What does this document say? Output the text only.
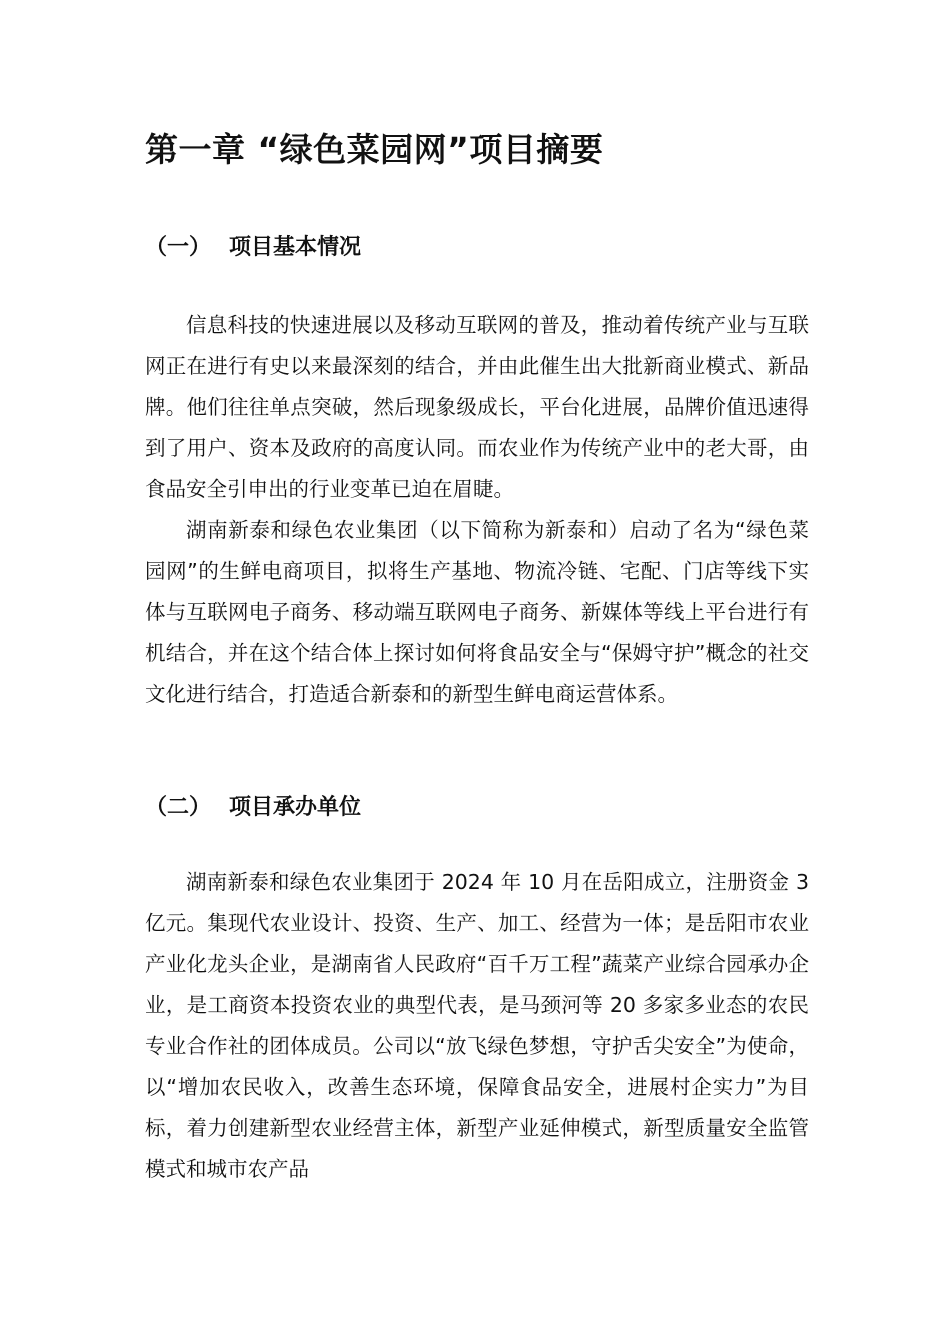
第一章 “绿色菜园网”项目摘要
（一） 项目基本情况

信息科技的快速进展以及移动互联网的普及，推动着传统产业与互联网正在进行有史以来最深刻的结合，并由此催生出大批新商业模式、新品牌。他们往往单点突破，然后现象级成长，平台化进展，品牌价值迅速得到了用户、资本及政府的高度认同。而农业作为传统产业中的老大哥，由食品安全引申出的行业变革已迫在眉睫。

湖南新泰和绿色农业集团（以下简称为新泰和）启动了名为“绿色菜园网”的生鲜电商项目，拟将生产基地、物流冷链、宅配、门店等线下实体与互联网电子商务、移动端互联网电子商务、新媒体等线上平台进行有机结合，并在这个结合体上探讨如何将食品安全与“保姆守护”概念的社交文化进行结合，打造适合新泰和的新型生鲜电商运营体系。

（二） 项目承办单位

湖南新泰和绿色农业集团于 2024 年 10 月在岳阳成立，注册资金 3 亿元。集现代农业设计、投资、生产、加工、经营为一体；是岳阳市农业产业化龙头企业，是湖南省人民政府“百千万工程”蔬菜产业综合园承办企业，是工商资本投资农业的典型代表，是马颈河等 20 多家多业态的农民专业合作社的团体成员。公司以“放飞绿色梦想，守护舌尖安全”为使命，以“增加农民收入，改善生态环境，保障食品安全，进展村企实力”为目标，着力创建新型农业经营主体，新型产业延伸模式，新型质量安全监管模式和城市农产品
